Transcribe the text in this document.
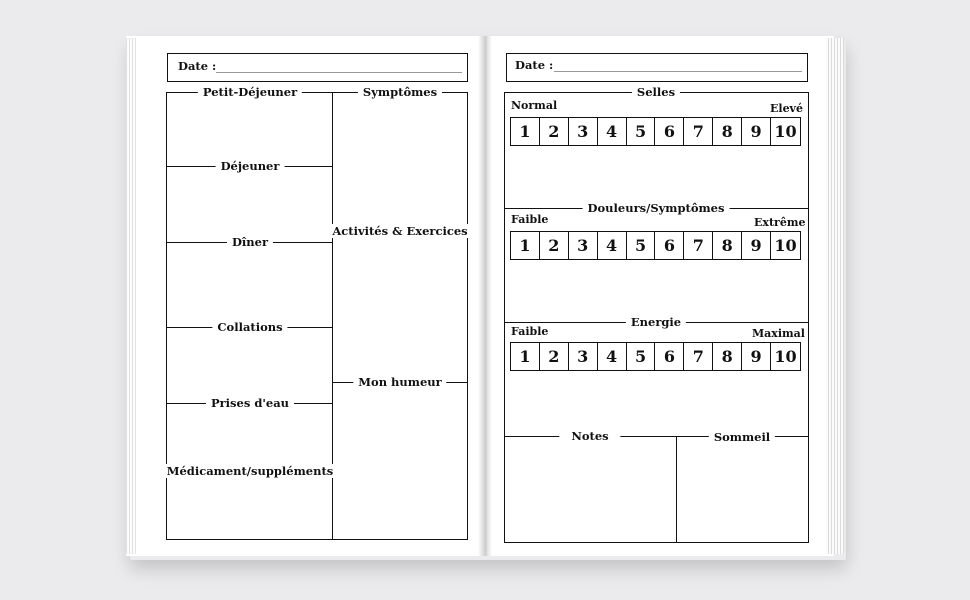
Date :
Petit-Déjeuner
Déjeuner
Dîner
Collations
Prises d'eau
Médicament/suppléments
Symptômes
Activités & Exercices
Mon humeur
Date :
Selles
Normal	Elevé
1	2	3	4	5	6	7	8	9 10
Douleurs/Symptômes
Faible	Extrême
1	2	3	4	5	6	7	8	9 10
Energie
Faible	Maximal
1	2	3	4	5	6	7	8	9 10
Notes	Sommeil
